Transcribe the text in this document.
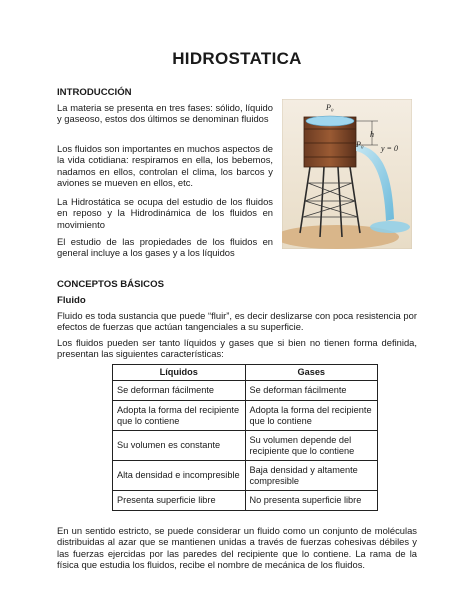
HIDROSTATICA
INTRODUCCIÓN

La materia se presenta en tres fases: sólido, líquido y gaseoso, estos dos últimos se denominan fluidos

Los fluidos son importantes en muchos aspectos de la vida cotidiana: respiramos en ella, los bebemos, nadamos en ellos, controlan el clima, los barcos y aviones se mueven en ellos, etc.

La Hidrostática se ocupa del estudio de los fluidos en reposo y la Hidrodinámica de los fluidos en movimiento

El estudio de las propiedades de los fluidos en general incluye a los gases y a los líquidos

P₀
h
P₀ y = 0
CONCEPTOS BÁSICOS
Fluido

Fluido es toda sustancia que puede “fluir”, es decir deslizarse con poca resistencia por efectos de fuerzas que actúan tangenciales a su superficie.

Los fluidos pueden ser tanto líquidos y gases que si bien no tienen forma definida, presentan las siguientes características:

Líquidos	Gases
Se deforman fácilmente	Se deforman fácilmente
Adopta la forma del recipiente que lo contiene	Adopta la forma del recipiente que lo contiene
Su volumen es constante	Su volumen depende del recipiente que lo contiene
Alta densidad e incompresible	Baja densidad y altamente compresible
Presenta superficie libre	No presenta superficie libre

En un sentido estricto, se puede considerar un fluido como un conjunto de moléculas distribuidas al azar que se mantienen unidas a través de fuerzas cohesivas débiles y las fuerzas ejercidas por las paredes del recipiente que lo contiene. La rama de la física que estudia los fluidos, recibe el nombre de mecánica de los fluidos.
